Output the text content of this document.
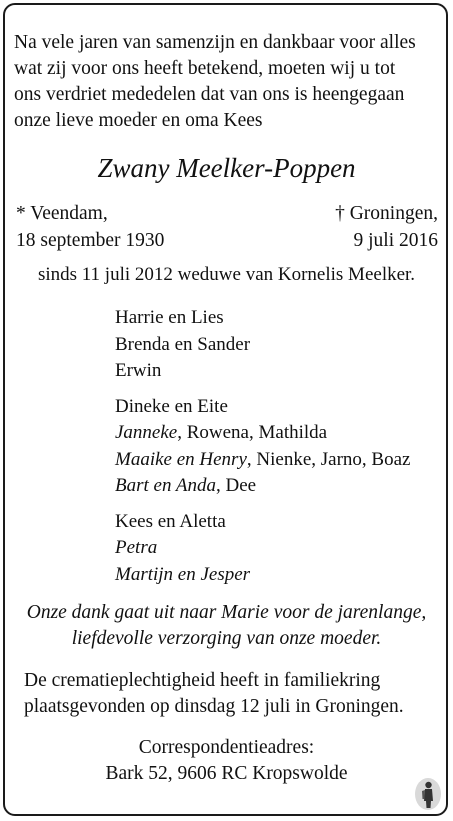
Na vele jaren van samenzijn en dankbaar voor alles
wat zij voor ons heeft betekend, moeten wij u tot
ons verdriet mededelen dat van ons is heengegaan
onze lieve moeder en oma Kees
Zwany Meelker-Poppen
* Veendam,
18 september 1930
† Groningen,
9 juli 2016
sinds 11 juli 2012 weduwe van Kornelis Meelker.
Harrie en Lies
Brenda en Sander
Erwin
Dineke en Eite
Janneke, Rowena, Mathilda
Maaike en Henry, Nienke, Jarno, Boaz
Bart en Anda, Dee
Kees en Aletta
Petra
Martijn en Jesper
Onze dank gaat uit naar Marie voor de jarenlange,
liefdevolle verzorging van onze moeder.
De crematieplechtigheid heeft in familiekring
plaatsgevonden op dinsdag 12 juli in Groningen.
Correspondentieadres:
Bark 52, 9606 RC Kropswolde
